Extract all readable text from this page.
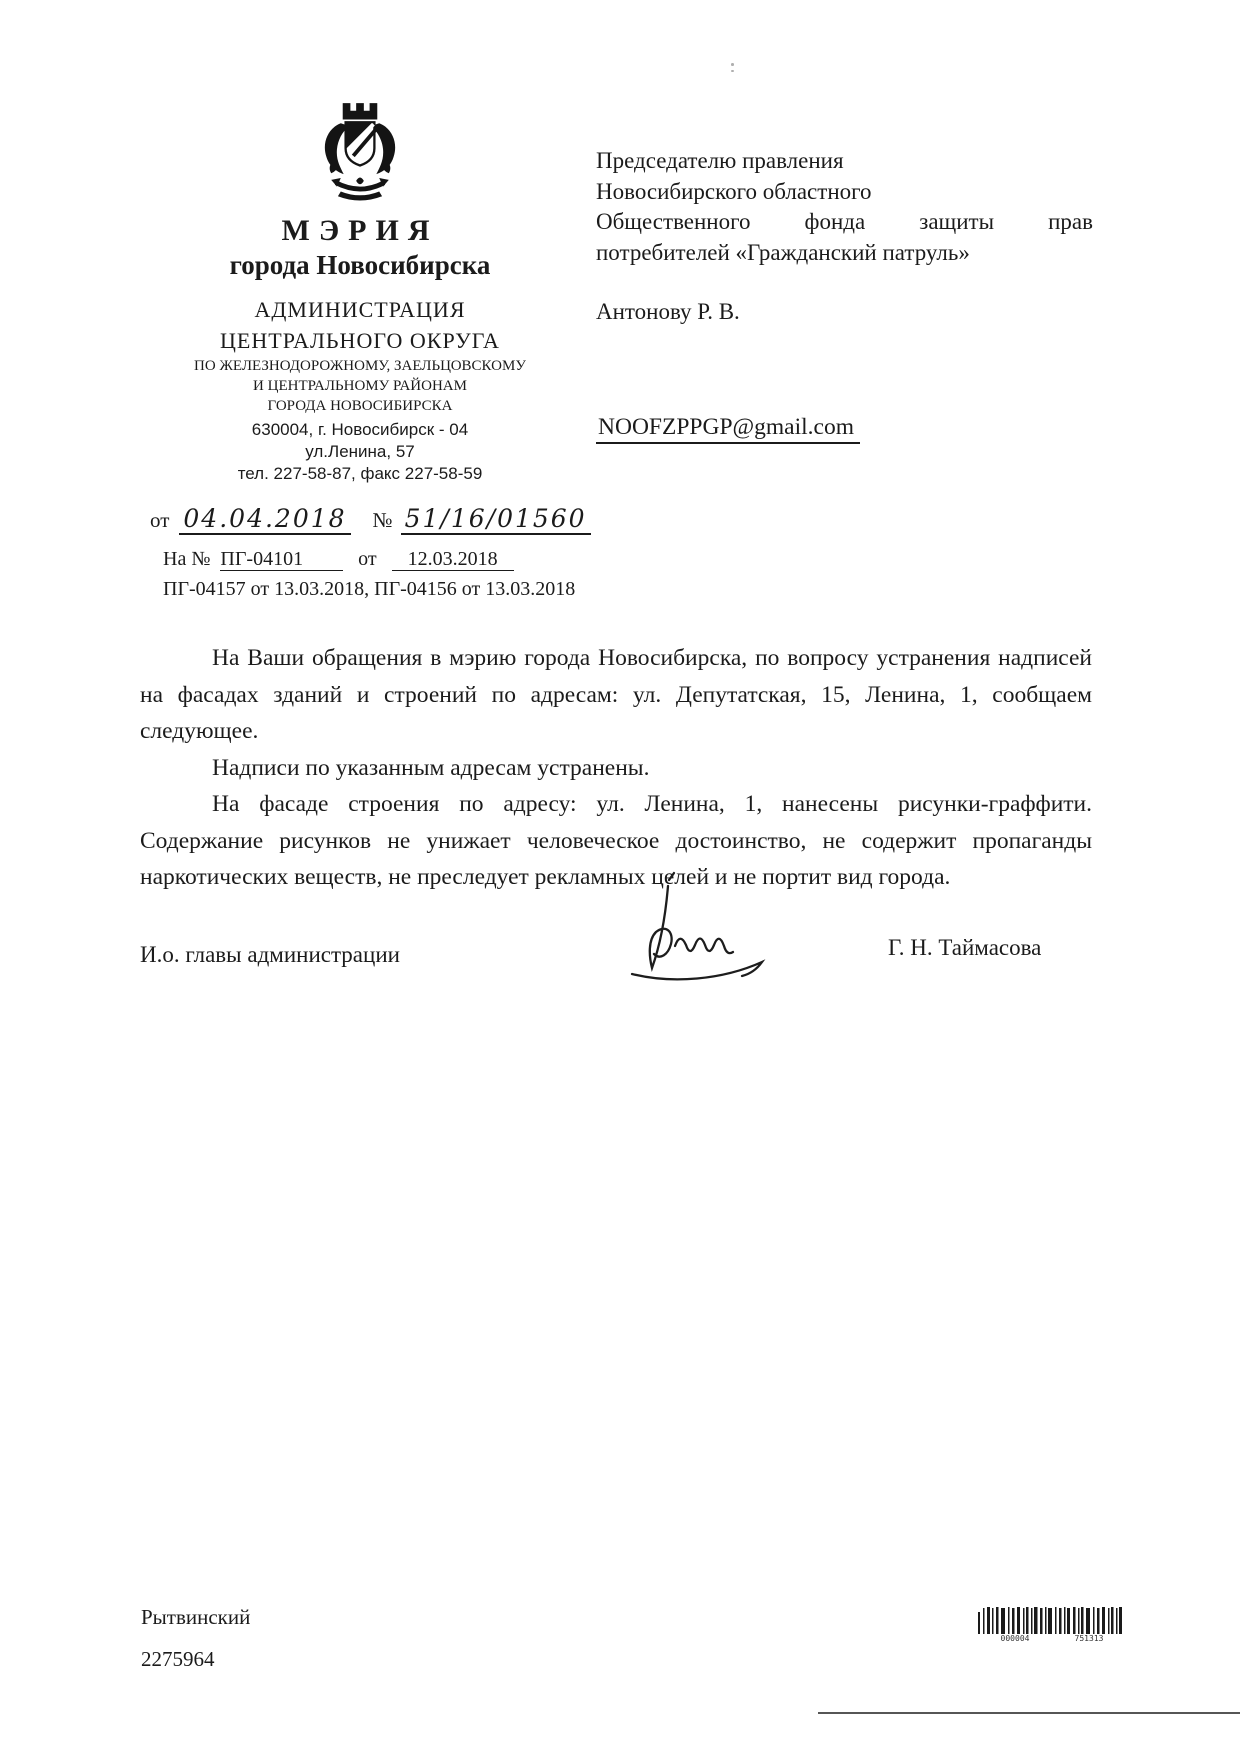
МЭРИЯ
города Новосибирска
АДМИНИСТРАЦИЯ
ЦЕНТРАЛЬНОГО ОКРУГА
ПО ЖЕЛЕЗНОДОРОЖНОМУ, ЗАЕЛЬЦОВСКОМУ
И ЦЕНТРАЛЬНОМУ РАЙОНАМ
ГОРОДА НОВОСИБИРСКА
630004, г. Новосибирск - 04
ул.Ленина, 57
тел. 227-58-87, факс 227-58-59
от 04.04.2018 № 51/16/01560
На № ПГ-04101	от 12.03.2018
ПГ-04157 от 13.03.2018, ПГ-04156 от 13.03.2018
Председателю правления
Новосибирского областного
Общественного фонда защиты прав
потребителей «Гражданский патруль»
Антонову Р. В.
NOOFZPPGP@gmail.com

На Ваши обращения в мэрию города Новосибирска, по вопросу устранения надписей на фасадах зданий и строений по адресам: ул. Депутатская, 15, Ленина, 1, сообщаем следующее.

Надписи по указанным адресам устранены.

На фасаде строения по адресу: ул. Ленина, 1, нанесены рисунки-граффити. Содержание рисунков не унижает человеческое достоинство, не содержит пропаганды наркотических веществ, не преследует рекламных целей и не портит вид города.

И.о. главы администрации	Г. Н. Таймасова
Рытвинский
2275964
000004	751313
